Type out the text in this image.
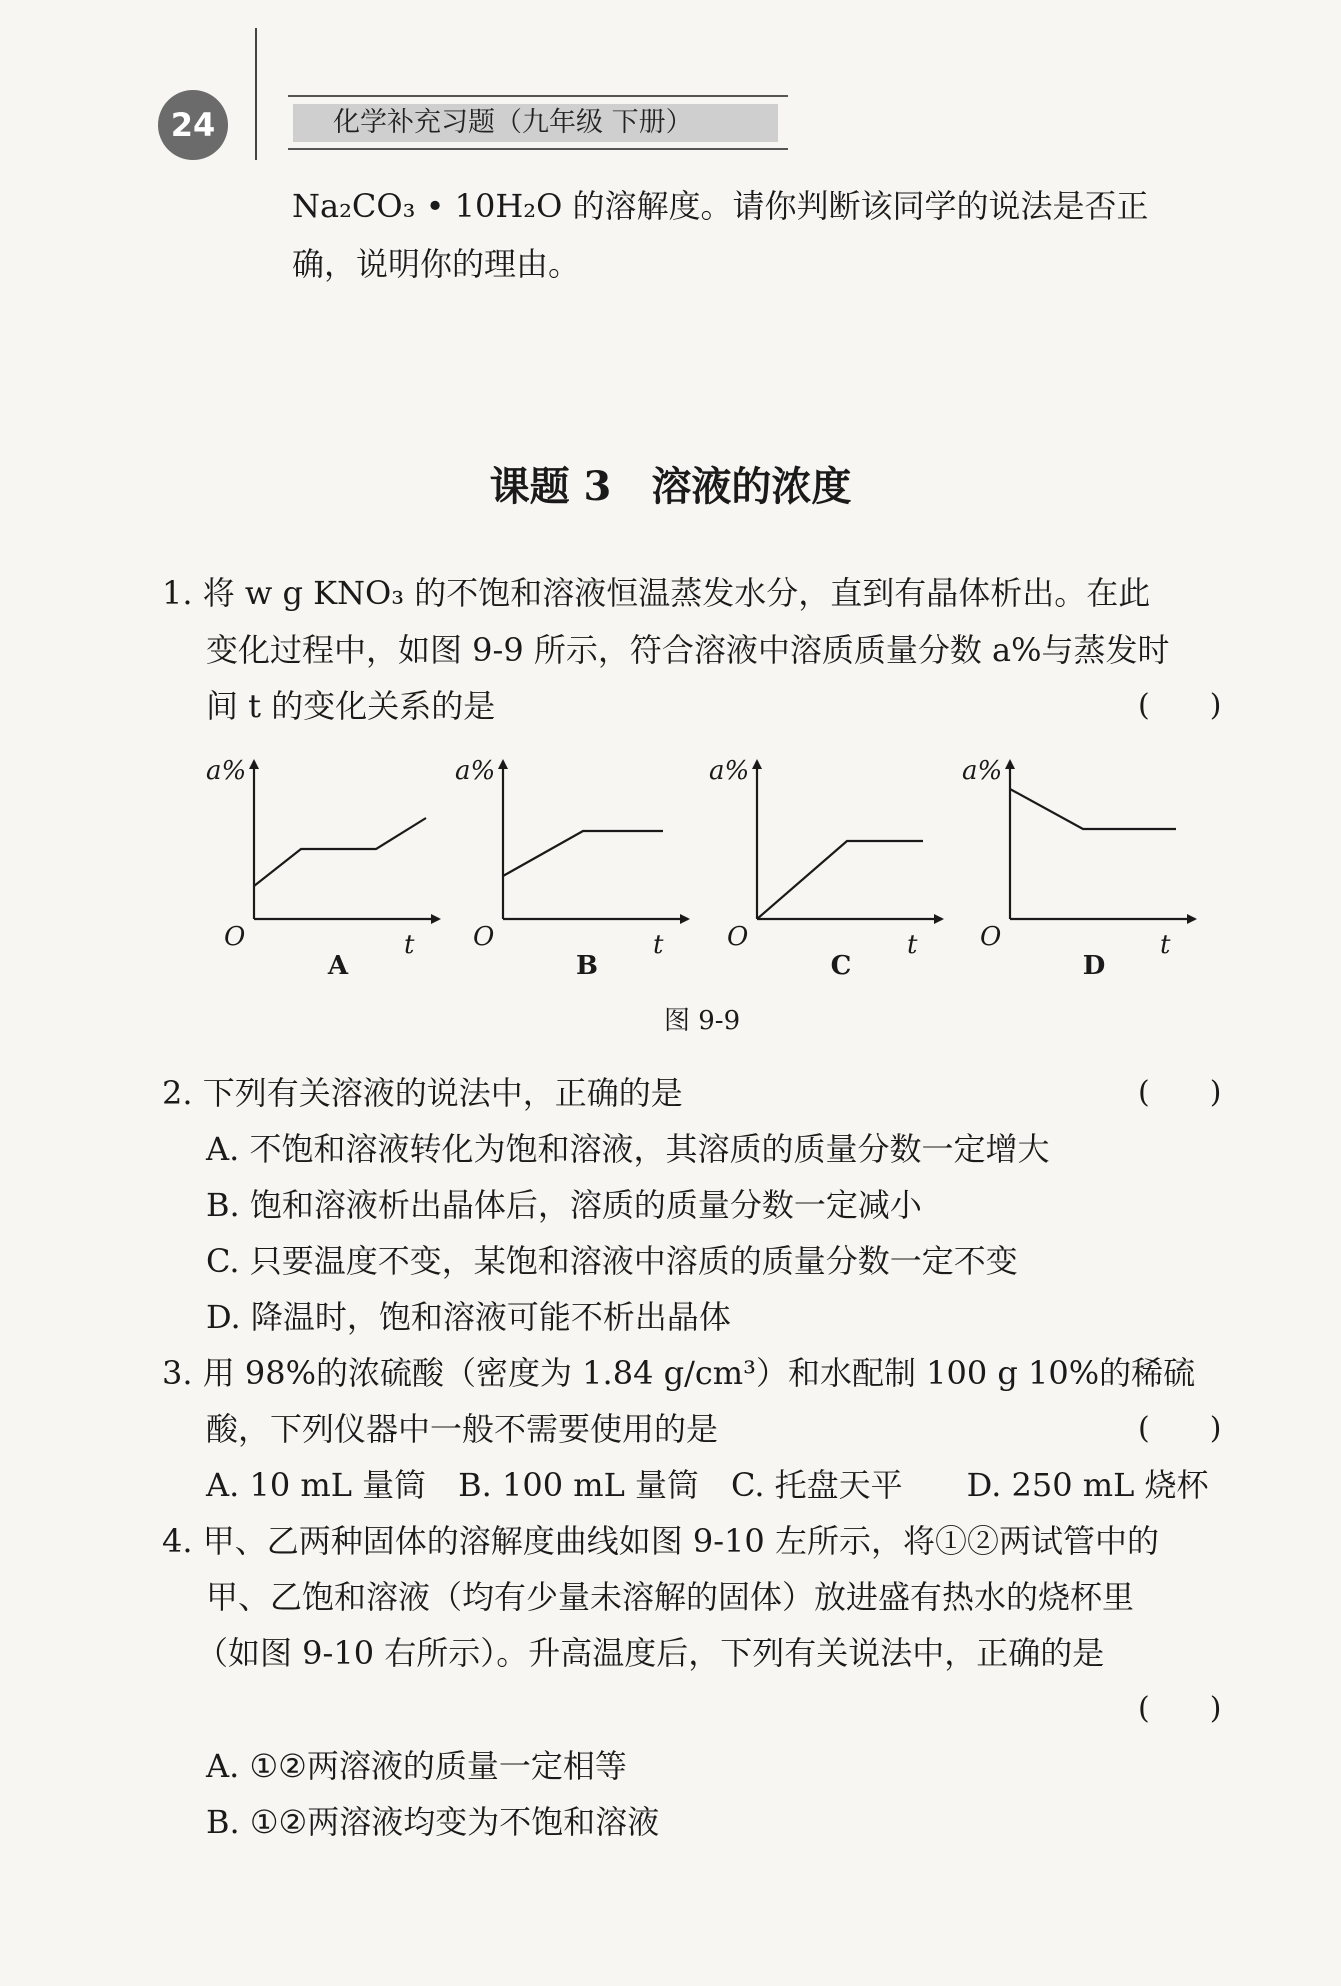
24	化学补充习题（九年级 下册）
Na₂CO₃ • 10H₂O 的溶解度。请你判断该同学的说法是否正
确，说明你的理由。
课题 3　溶液的浓度
1. 将 w g KNO₃ 的不饱和溶液恒温蒸发水分，直到有晶体析出。在此
变化过程中，如图 9-9 所示，符合溶液中溶质质量分数 a%与蒸发时
间 t 的变化关系的是	(　　)
a%
O	t
A
a%
O	t
B
a%
O	t
C
a%
O	t
D
图 9-9
2. 下列有关溶液的说法中，正确的是	(　　)
A. 不饱和溶液转化为饱和溶液，其溶质的质量分数一定增大
B. 饱和溶液析出晶体后，溶质的质量分数一定减小
C. 只要温度不变，某饱和溶液中溶质的质量分数一定不变
D. 降温时，饱和溶液可能不析出晶体
3. 用 98%的浓硫酸（密度为 1.84 g/cm³）和水配制 100 g 10%的稀硫
酸，下列仪器中一般不需要使用的是	(　　)
A. 10 mL 量筒　B. 100 mL 量筒　C. 托盘天平　　D. 250 mL 烧杯
4. 甲、乙两种固体的溶解度曲线如图 9-10 左所示，将①②两试管中的
甲、乙饱和溶液（均有少量未溶解的固体）放进盛有热水的烧杯里
（如图 9-10 右所示）。升高温度后，下列有关说法中，正确的是
(　　)
A. ①②两溶液的质量一定相等
B. ①②两溶液均变为不饱和溶液
